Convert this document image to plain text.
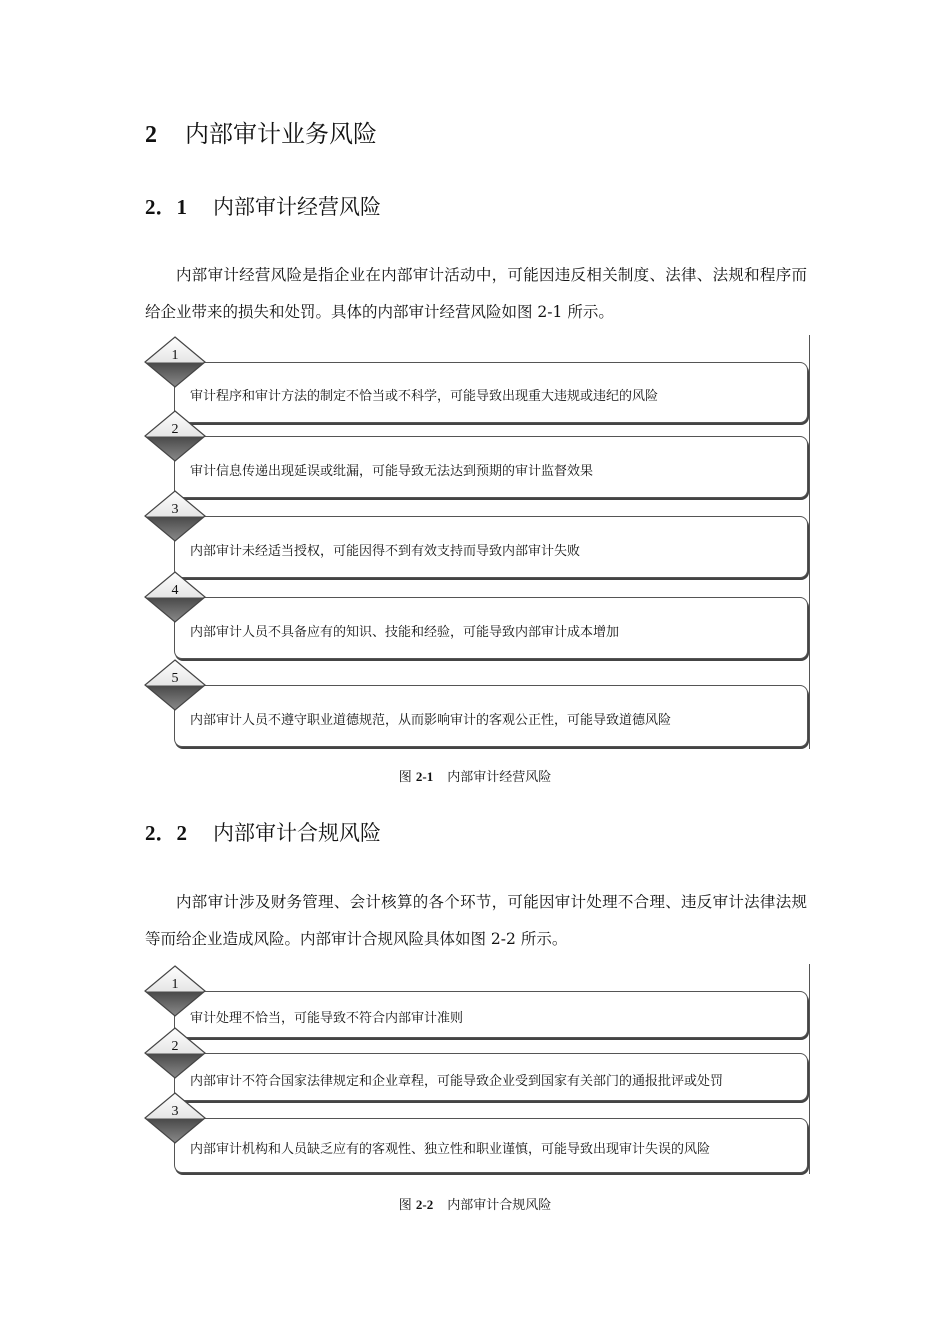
2 内部审计业务风险
2．1 内部审计经营风险

内部审计经营风险是指企业在内部审计活动中，可能因违反相关制度、法律、法规和程序而给企业带来的损失和处罚。具体的内部审计经营风险如图 2-1 所示。

审计程序和审计方法的制定不恰当或不科学，可能导致出现重大违规或违纪的风险
1
审计信息传递出现延误或纰漏，可能导致无法达到预期的审计监督效果
2
内部审计未经适当授权，可能因得不到有效支持而导致内部审计失败
3
内部审计人员不具备应有的知识、技能和经验，可能导致内部审计成本增加
4
内部审计人员不遵守职业道德规范，从而影响审计的客观公正性，可能导致道德风险
5
图 2-1 内部审计经营风险
2．2 内部审计合规风险

内部审计涉及财务管理、会计核算的各个环节，可能因审计处理不合理、违反审计法律法规等而给企业造成风险。内部审计合规风险具体如图 2-2 所示。

审计处理不恰当，可能导致不符合内部审计准则
1
内部审计不符合国家法律规定和企业章程，可能导致企业受到国家有关部门的通报批评或处罚
2
内部审计机构和人员缺乏应有的客观性、独立性和职业谨慎，可能导致出现审计失误的风险
3
图 2-2 内部审计合规风险
